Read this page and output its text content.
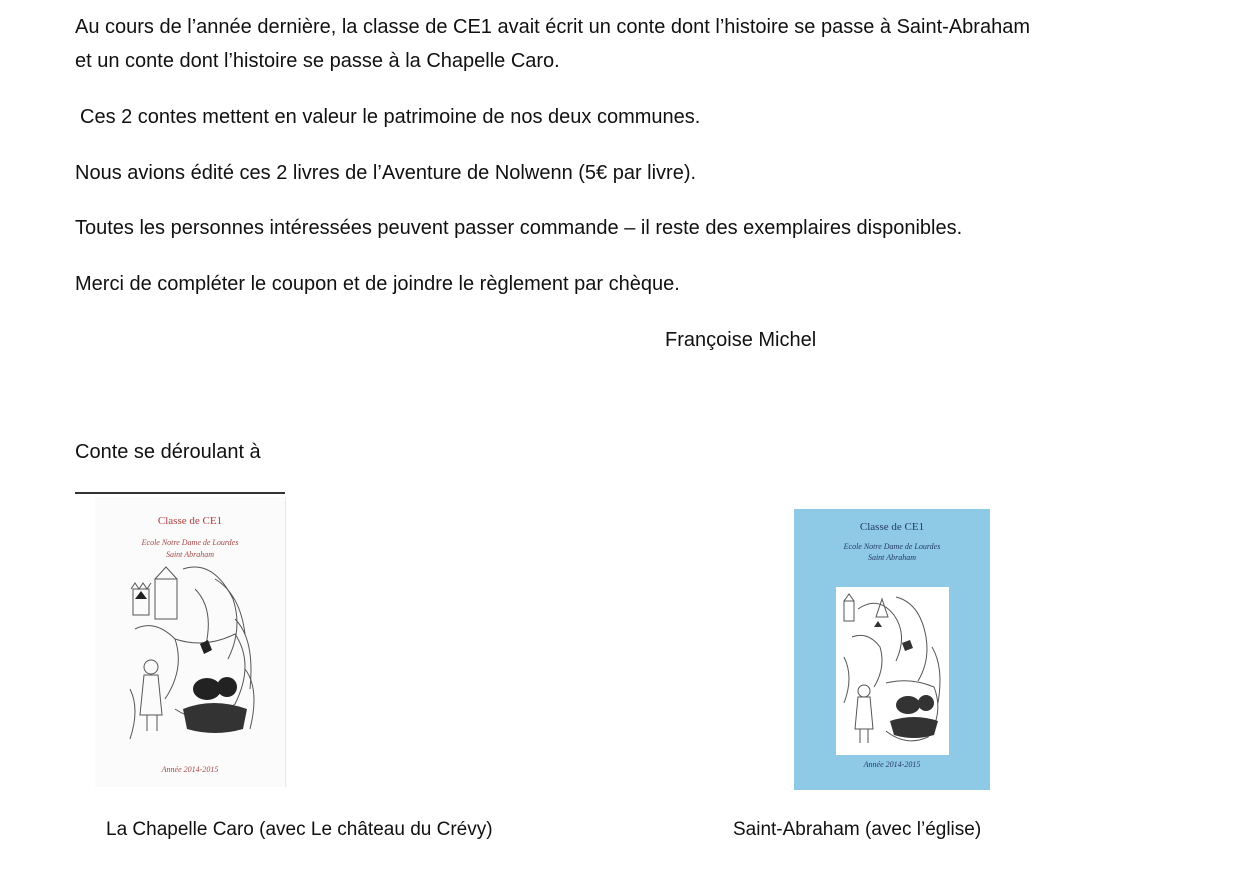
Au cours de l’année dernière, la classe de CE1 avait écrit un conte dont l’histoire se passe à Saint-Abraham
et un conte dont l’histoire se passe à la Chapelle Caro.

Ces 2 contes mettent en valeur le patrimoine de nos deux communes.

Nous avions édité ces 2 livres de l’Aventure de Nolwenn (5€ par livre).

Toutes les personnes intéressées peuvent passer commande – il reste des exemplaires disponibles.

Merci de compléter le coupon et de joindre le règlement par chèque.

Françoise Michel

Conte se déroulant à

Classe de CE1
Ecole Notre Dame de Lourdes
Saint Abraham
Année 2014-2015
Classe de CE1
Ecole Notre Dame de Lourdes
Saint Abraham
Année 2014-2015

La Chapelle Caro (avec Le château du Crévy)	Saint-Abraham (avec l’église)
